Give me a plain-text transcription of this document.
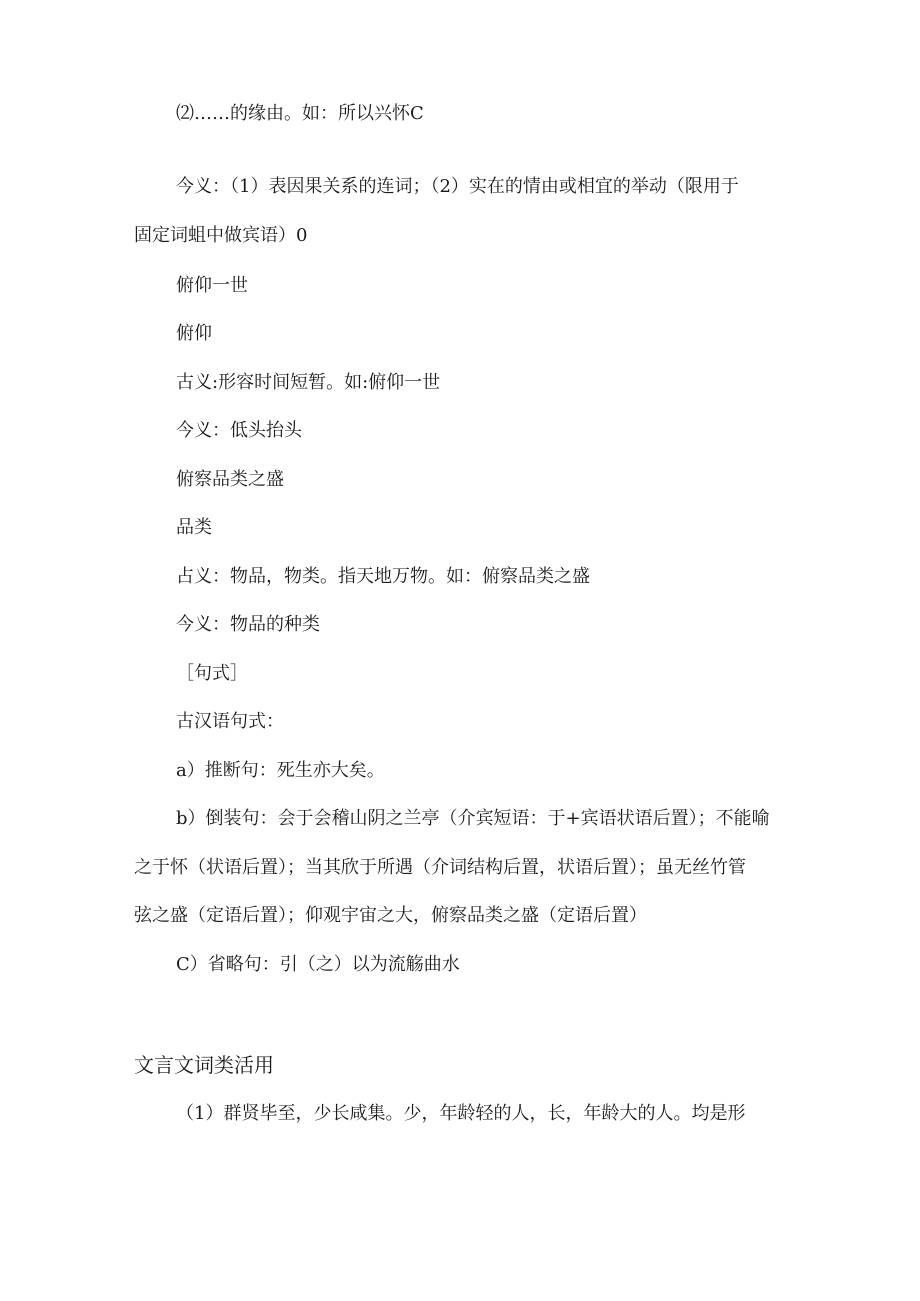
⑵……的缘由。如：所以兴怀C

今义：（1）表因果关系的连词；（2）实在的情由或相宜的举动（限用于

固定词蛆中做宾语）0

俯仰一世

俯仰

古义:形容时间短暂。如:俯仰一世

今义：低头抬头

俯察品类之盛

品类

占义：物品，物类。指天地万物。如：俯察品类之盛

今义：物品的种类

［句式］

古汉语句式：

a）推断句：死生亦大矣。

b）倒装句：会于会稽山阴之兰亭（介宾短语：于+宾语状语后置）；不能喻

之于怀（状语后置）；当其欣于所遇（介词结构后置，状语后置）；虽无丝竹管

弦之盛（定语后置）；仰观宇宙之大，俯察品类之盛（定语后置）

C）省略句：引（之）以为流觞曲水

文言文词类活用

（1）群贤毕至，少长咸集。少，年龄轻的人，长，年龄大的人。均是形
